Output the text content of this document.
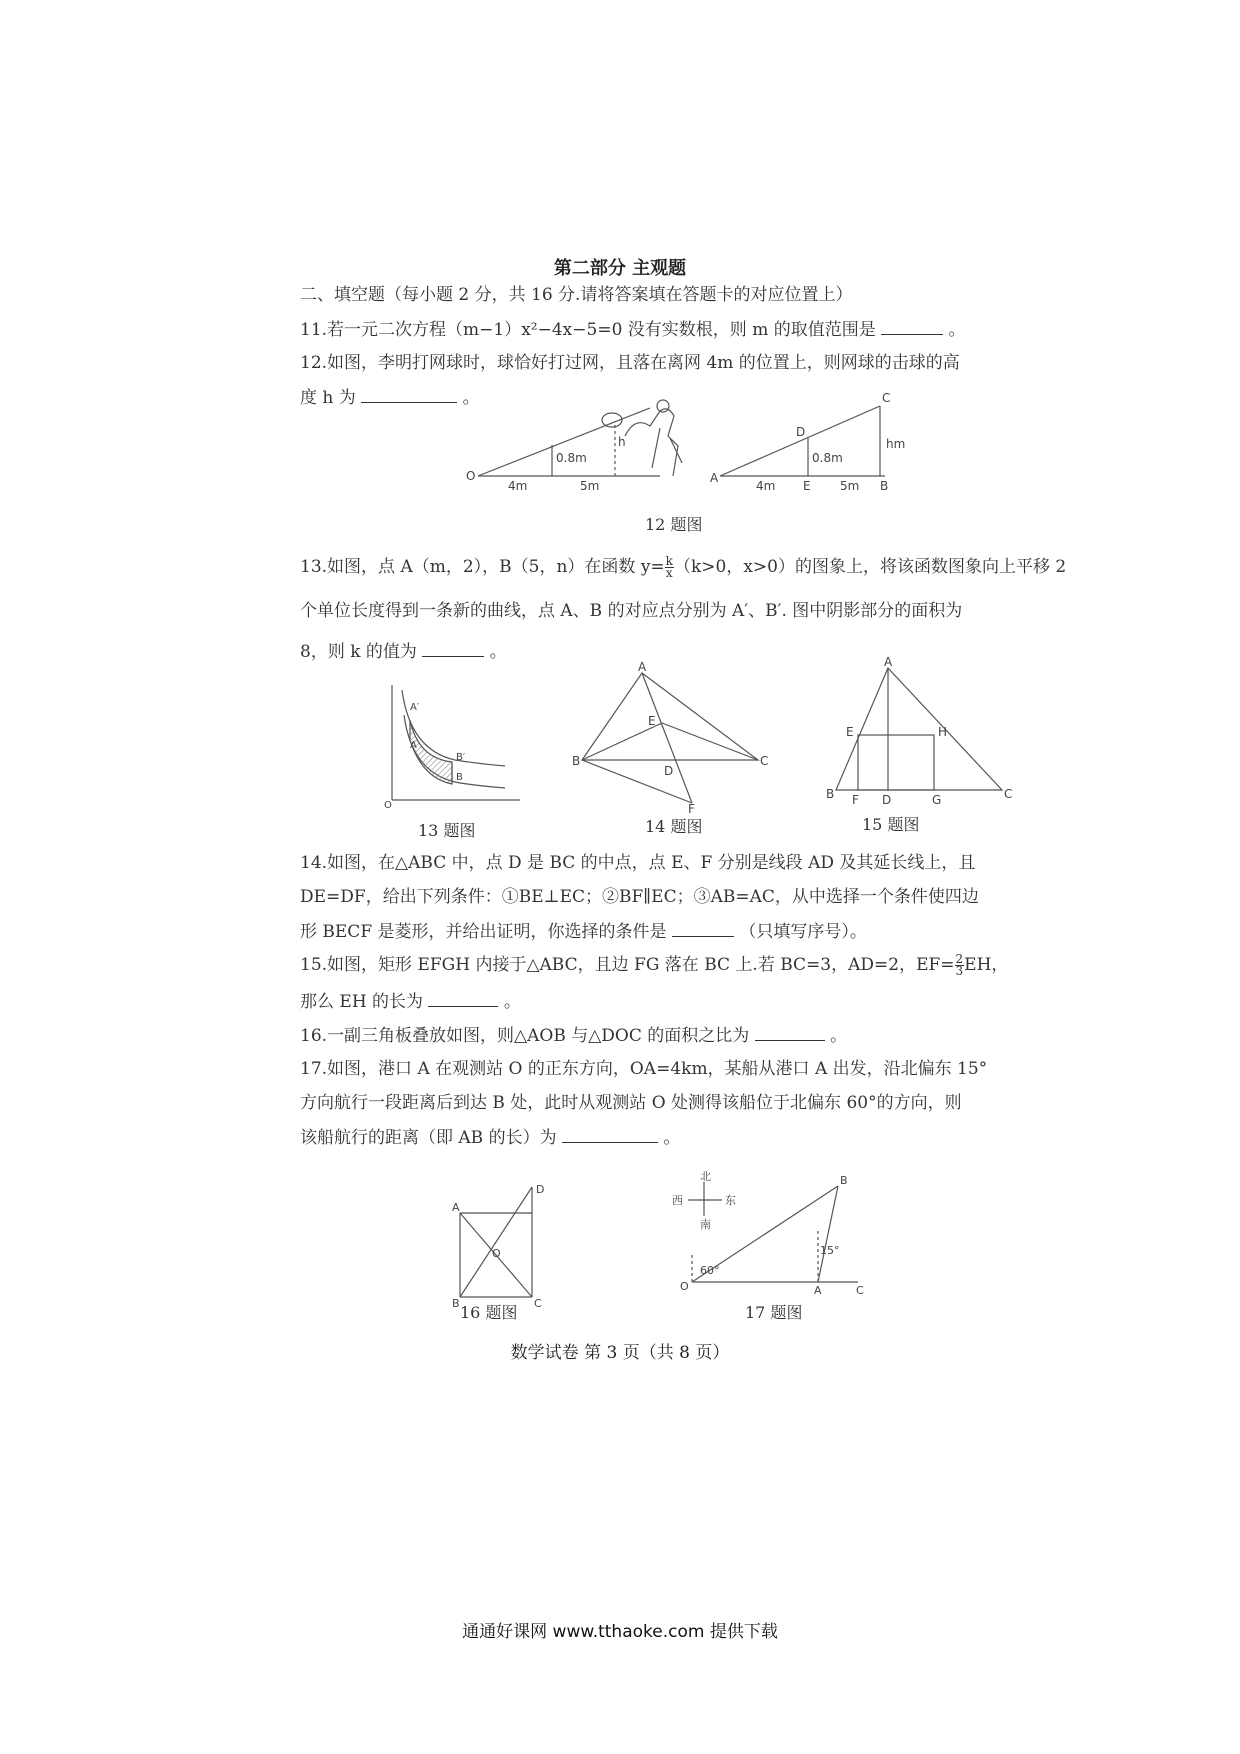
第二部分 主观题
二、填空题（每小题 2 分，共 16 分.请将答案填在答题卡的对应位置上）
11.若一元二次方程（m−1）x²−4x−5=0 没有实数根，则 m 的取值范围是	。
12.如图，李明打网球时，球恰好打过网，且落在离网 4m 的位置上，则网球的击球的高
度 h 为	。
O
0.8m
h
4m	5m
C
D
0.8m
hm
A
4m E 5m B
12 题图
13.如图，点 A（m，2），B（5，n）在函数 $y= \frac{k}{x} (k>0$，x>0）的图象上，将该函数图象向上平移 2
个单位长度得到一条新的曲线，点 A、B 的对应点分别为 A′、B′. 图中阴影部分的面积为
8，则 k 的值为	。
A′
A
B′
B
O
13 题图
A
E
B
D
C
F
14 题图
A
E	H
B F D	G	C
15 题图
14.如图，在△ABC 中，点 D 是 BC 的中点，点 E、F 分别是线段 AD 及其延长线上，且
DE=DF，给出下列条件：①BE⊥EC；②BF∥EC；③AB=AC，从中选择一个条件使四边
形 BECF 是菱形，并给出证明，你选择的条件是	（只填写序号）。
15.如图，矩形 EFGH 内接于△ABC，且边 FG 落在 BC 上.若 BC=3，AD=2，$EF= \frac{2}{3}$ EH，
那么 EH 的长为	。
16.一副三角板叠放如图，则△AOB 与△DOC 的面积之比为	。
17.如图，港口 A 在观测站 O 的正东方向，OA=4km，某船从港口 A 出发，沿北偏东 15°
方向航行一段距离后到达 B 处，此时从观测站 O 处测得该船位于北偏东 60°的方向，则
该船航行的距离（即 AB 的长）为	。
A
D
O
B	C
16 题图
北
西	东
南
B
60°
15°
O	A	C
17 题图
数学试卷 第 3 页（共 8 页）
通通好课网 www.tthaoke.com 提供下载
